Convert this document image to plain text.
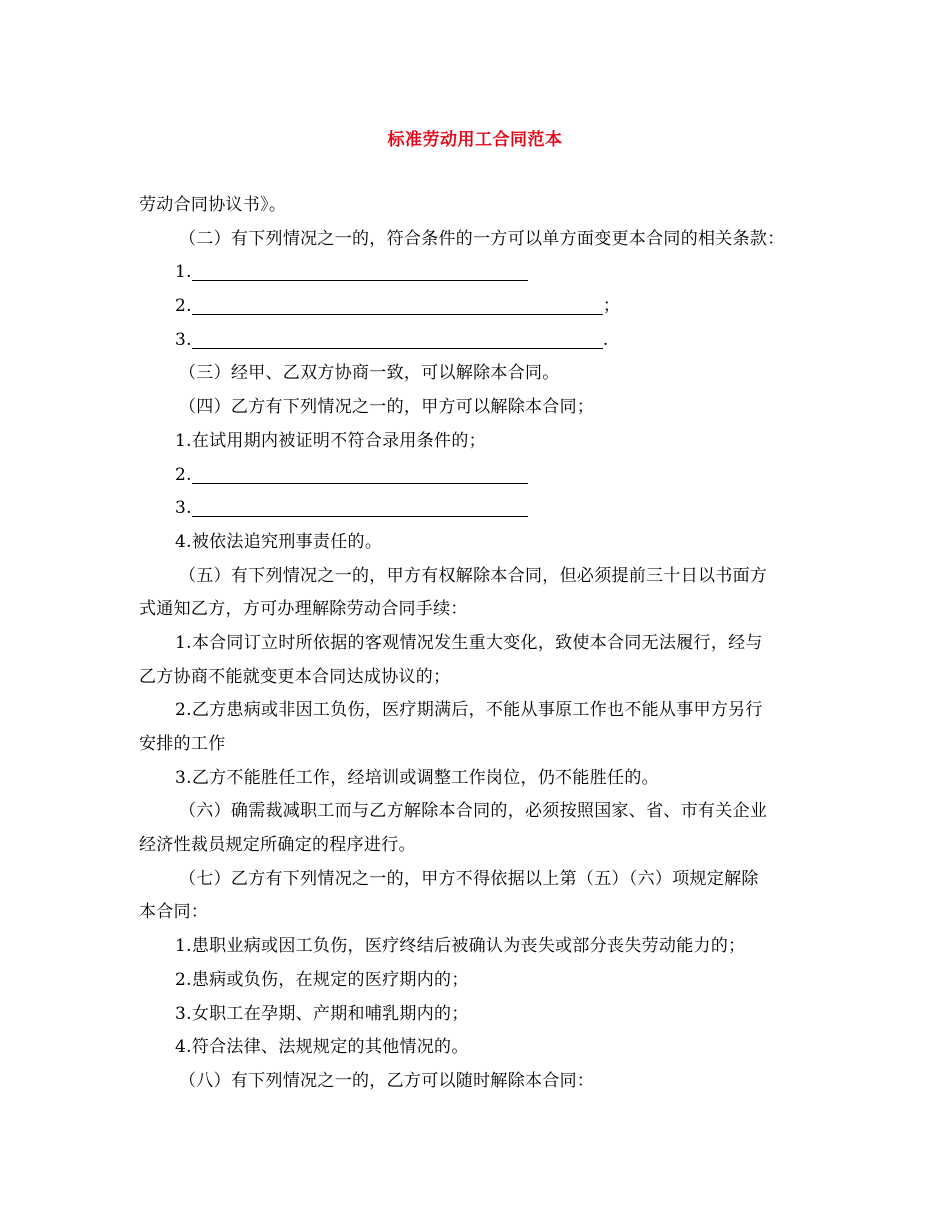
标准劳动用工合同范本
劳动合同协议书》。
（二）有下列情况之一的，符合条件的一方可以单方面变更本合同的相关条款：
1.
2.	；
3.	.
（三）经甲、乙双方协商一致，可以解除本合同。
（四）乙方有下列情况之一的，甲方可以解除本合同；
1.在试用期内被证明不符合录用条件的；
2.
3.
4.被依法追究刑事责任的。
（五）有下列情况之一的，甲方有权解除本合同，但必须提前三十日以书面方
式通知乙方，方可办理解除劳动合同手续：
1.本合同订立时所依据的客观情况发生重大变化，致使本合同无法履行，经与
乙方协商不能就变更本合同达成协议的；
2.乙方患病或非因工负伤，医疗期满后，不能从事原工作也不能从事甲方另行
安排的工作
3.乙方不能胜任工作，经培训或调整工作岗位，仍不能胜任的。
（六）确需裁减职工而与乙方解除本合同的，必须按照国家、省、市有关企业
经济性裁员规定所确定的程序进行。
（七）乙方有下列情况之一的，甲方不得依据以上第（五）（六）项规定解除
本合同：
1.患职业病或因工负伤，医疗终结后被确认为丧失或部分丧失劳动能力的；
2.患病或负伤，在规定的医疗期内的；
3.女职工在孕期、产期和哺乳期内的；
4.符合法律、法规规定的其他情况的。
（八）有下列情况之一的，乙方可以随时解除本合同：
